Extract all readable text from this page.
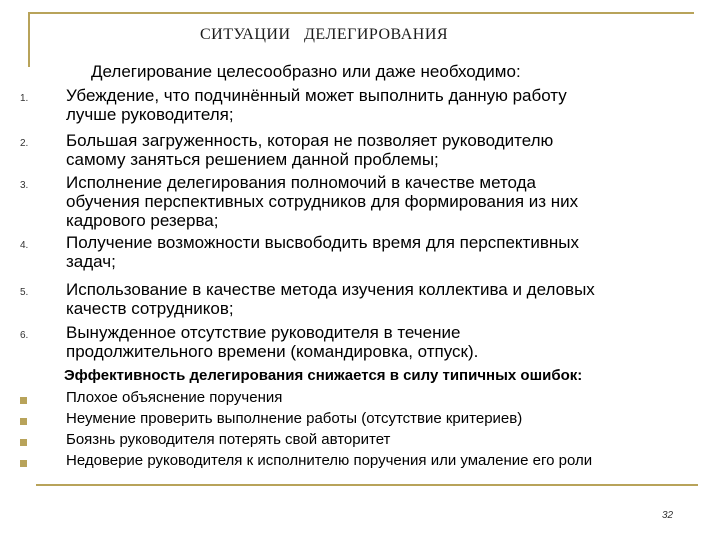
СИТУАЦИИ   ДЕЛЕГИРОВАНИЯ
Делегирование целесообразно или даже необходимо:
1. Убеждение, что подчинённый может выполнить данную работу
лучше руководителя;
2. Большая загруженность, которая не позволяет руководителю
самому заняться решением данной проблемы;
3. Исполнение делегирования полномочий в качестве метода
обучения перспективных сотрудников для формирования из них
кадрового резерва;
4. Получение возможности высвободить время для перспективных
задач;
5. Использование в качестве метода изучения коллектива и деловых
качеств сотрудников;
6. Вынужденное отсутствие руководителя в течение
продолжительного времени (командировка, отпуск).
Эффективность делегирования снижается в силу типичных ошибок:
Плохое объяснение поручения
Неумение проверить выполнение работы (отсутствие критериев)
Боязнь руководителя потерять свой авторитет
Недоверие руководителя к исполнителю поручения или умаление его роли
32
